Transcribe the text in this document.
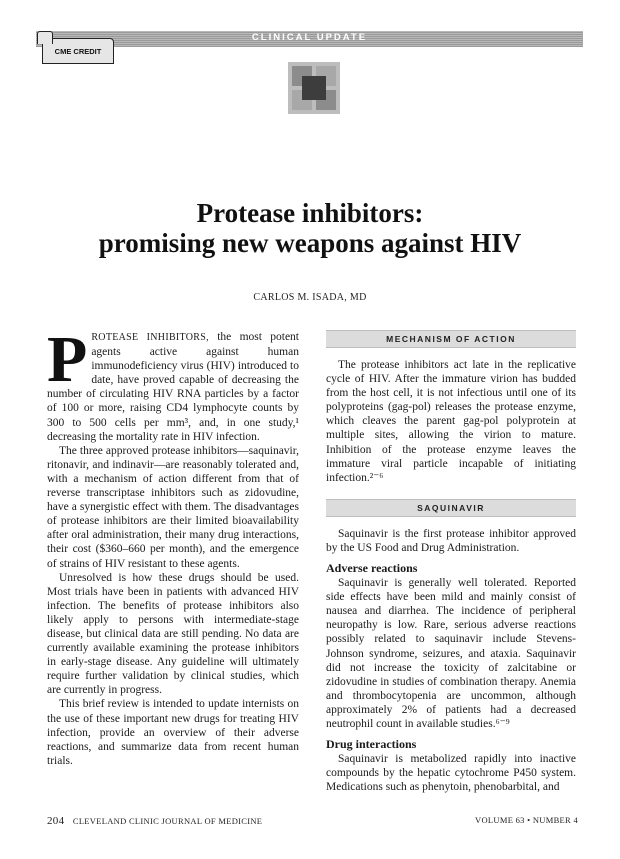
CLINICAL UPDATE
CME CREDIT
Protease inhibitors:
promising new weapons against HIV
CARLOS M. ISADA, MD

PROTEASE INHIBITORS, the most potent agents active against human immunodeficiency virus (HIV) introduced to date, have proved capable of decreasing the number of circulating HIV RNA particles by a factor of 100 or more, raising CD4 lymphocyte counts by 300 to 500 cells per mm³, and, in one study,¹ decreasing the mortality rate in HIV infection.

The three approved protease inhibitors—saquinavir, ritonavir, and indinavir—are reasonably tolerated and, with a mechanism of action different from that of reverse transcriptase inhibitors such as zidovudine, have a synergistic effect with them. The disadvantages of protease inhibitors are their limited bioavailability after oral administration, their many drug interactions, their cost ($360–660 per month), and the emergence of strains of HIV resistant to these agents.

Unresolved is how these drugs should be used. Most trials have been in patients with advanced HIV infection. The benefits of protease inhibitors also likely apply to persons with intermediate-stage disease, but clinical data are still pending. No data are currently available examining the protease inhibitors in early-stage disease. Any guideline will ultimately require further validation by clinical studies, which are currently in progress.

This brief review is intended to update internists on the use of these important new drugs for treating HIV infection, provide an overview of their adverse reactions, and summarize data from recent human trials.

MECHANISM OF ACTION

The protease inhibitors act late in the replicative cycle of HIV. After the immature virion has budded from the host cell, it is not infectious until one of its polyproteins (gag-pol) releases the protease enzyme, which cleaves the parent gag-pol polyprotein at multiple sites, allowing the virion to mature. Inhibition of the protease enzyme leaves the immature viral particle incapable of initiating infection.²⁻⁶

SAQUINAVIR

Saquinavir is the first protease inhibitor approved by the US Food and Drug Administration.

Adverse reactions

Saquinavir is generally well tolerated. Reported side effects have been mild and mainly consist of nausea and diarrhea. The incidence of peripheral neuropathy is low. Rare, serious adverse reactions possibly related to saquinavir include Stevens-Johnson syndrome, seizures, and ataxia. Saquinavir did not increase the toxicity of zalcitabine or zidovudine in studies of combination therapy. Anemia and thrombocytopenia are uncommon, although approximately 2% of patients had a decreased neutrophil count in available studies.⁶⁻⁹

Drug interactions

Saquinavir is metabolized rapidly into inactive compounds by the hepatic cytochrome P450 system. Medications such as phenytoin, phenobarbital, and

204 CLEVELAND CLINIC JOURNAL OF MEDICINE	VOLUME 63 • NUMBER 4
